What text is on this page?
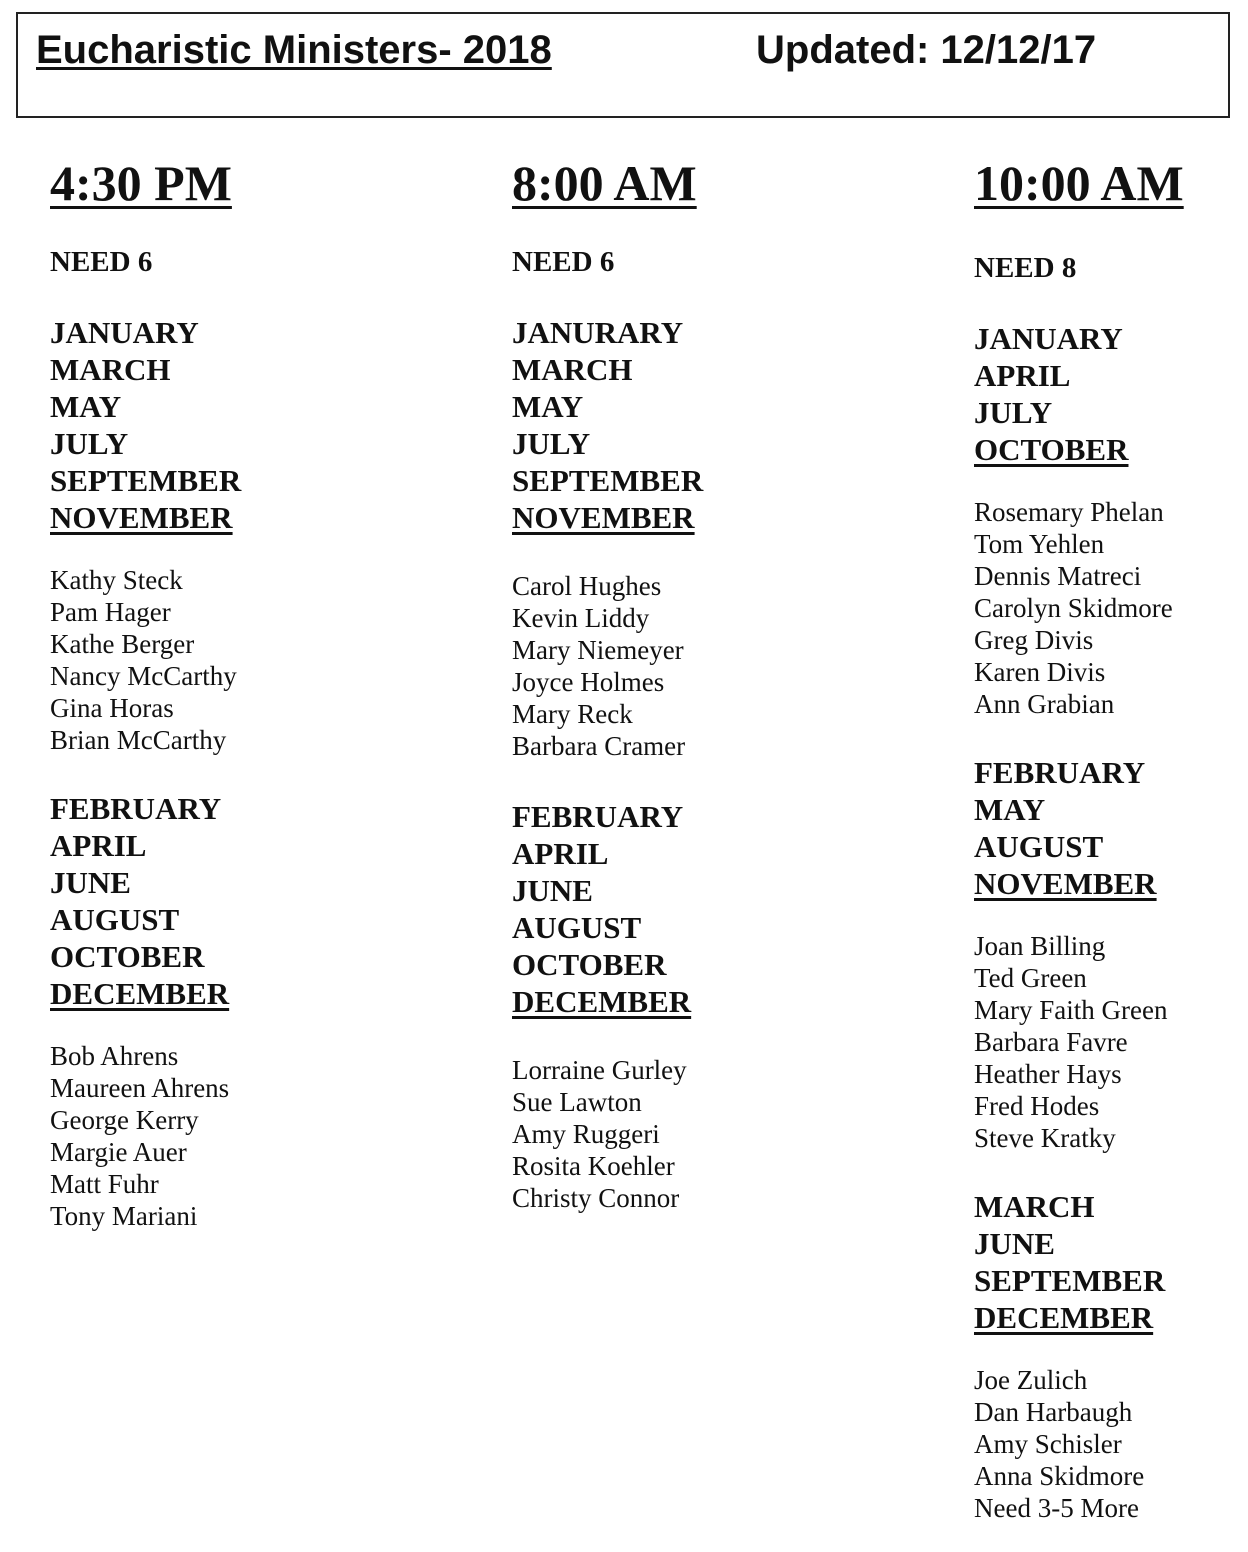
Eucharistic Ministers- 2018	Updated: 12/12/17
4:30 PM
NEED 6
JANUARY
MARCH
MAY
JULY
SEPTEMBER
NOVEMBER
Kathy Steck
Pam Hager
Kathe Berger
Nancy McCarthy
Gina Horas
Brian McCarthy
FEBRUARY
APRIL
JUNE
AUGUST
OCTOBER
DECEMBER
Bob Ahrens
Maureen Ahrens
George Kerry
Margie Auer
Matt Fuhr
Tony Mariani
8:00 AM
NEED 6
JANURARY
MARCH
MAY
JULY
SEPTEMBER
NOVEMBER
Carol Hughes
Kevin Liddy
Mary Niemeyer
Joyce Holmes
Mary Reck
Barbara Cramer
FEBRUARY
APRIL
JUNE
AUGUST
OCTOBER
DECEMBER
Lorraine Gurley
Sue Lawton
Amy Ruggeri
Rosita Koehler
Christy Connor
10:00 AM
NEED 8
JANUARY
APRIL
JULY
OCTOBER
Rosemary Phelan
Tom Yehlen
Dennis Matreci
Carolyn Skidmore
Greg Divis
Karen Divis
Ann Grabian
FEBRUARY
MAY
AUGUST
NOVEMBER
Joan Billing
Ted Green
Mary Faith Green
Barbara Favre
Heather Hays
Fred Hodes
Steve Kratky
MARCH
JUNE
SEPTEMBER
DECEMBER
Joe Zulich
Dan Harbaugh
Amy Schisler
Anna Skidmore
Need 3-5 More
